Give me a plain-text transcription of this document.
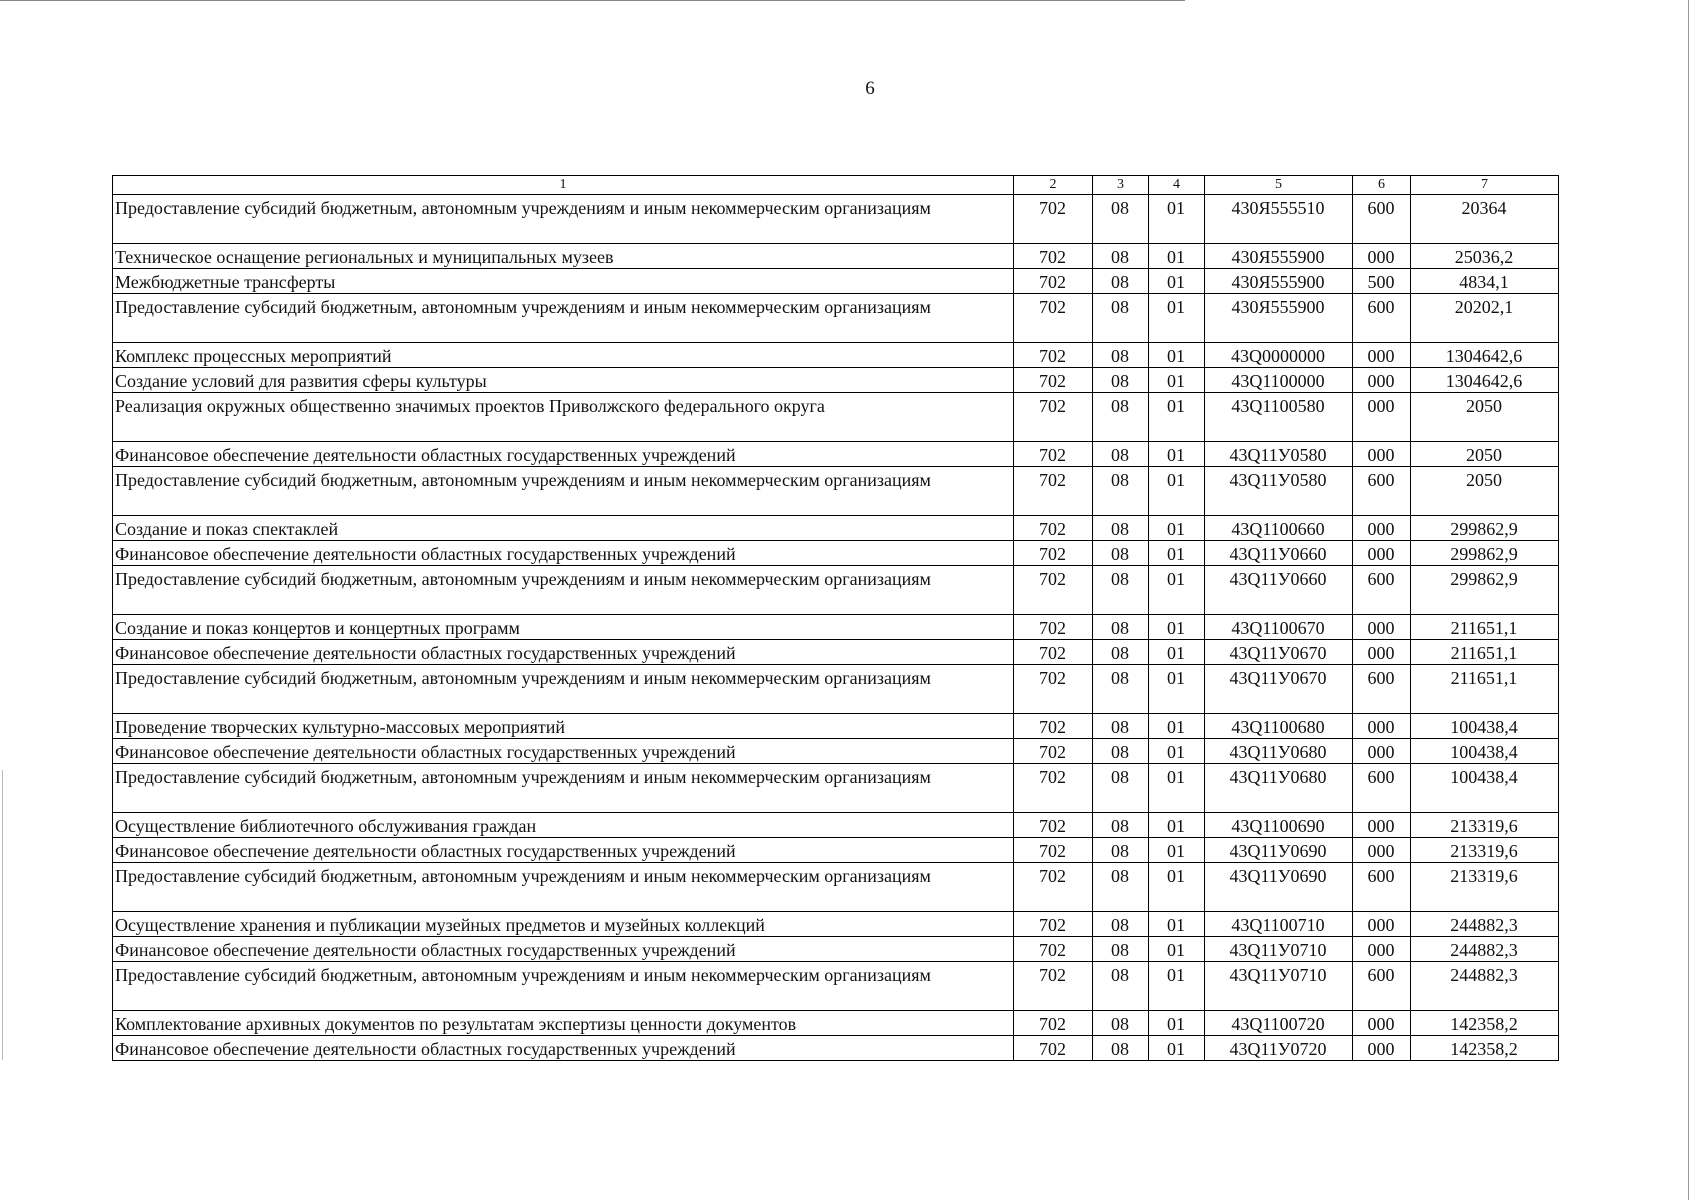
6
1	2	3	4	5	6	7
Предоставление субсидий бюджетным, автономным учреждениям и иным некоммерческим организациям	702	08	01	430Я555510	600	20364
Техническое оснащение региональных и муниципальных музеев	702	08	01	430Я555900	000	25036,2
Межбюджетные трансферты	702	08	01	430Я555900	500	4834,1
Предоставление субсидий бюджетным, автономным учреждениям и иным некоммерческим организациям	702	08	01	430Я555900	600	20202,1
Комплекс процессных мероприятий	702	08	01	43Q0000000	000	1304642,6
Создание условий для развития сферы культуры	702	08	01	43Q1100000	000	1304642,6
Реализация окружных общественно значимых проектов Приволжского федерального округа	702	08	01	43Q1100580	000	2050
Финансовое обеспечение деятельности областных государственных учреждений	702	08	01	43Q11У0580	000	2050
Предоставление субсидий бюджетным, автономным учреждениям и иным некоммерческим организациям	702	08	01	43Q11У0580	600	2050
Создание и показ спектаклей	702	08	01	43Q1100660	000	299862,9
Финансовое обеспечение деятельности областных государственных учреждений	702	08	01	43Q11У0660	000	299862,9
Предоставление субсидий бюджетным, автономным учреждениям и иным некоммерческим организациям	702	08	01	43Q11У0660	600	299862,9
Создание и показ концертов и концертных программ	702	08	01	43Q1100670	000	211651,1
Финансовое обеспечение деятельности областных государственных учреждений	702	08	01	43Q11У0670	000	211651,1
Предоставление субсидий бюджетным, автономным учреждениям и иным некоммерческим организациям	702	08	01	43Q11У0670	600	211651,1
Проведение творческих культурно-массовых мероприятий	702	08	01	43Q1100680	000	100438,4
Финансовое обеспечение деятельности областных государственных учреждений	702	08	01	43Q11У0680	000	100438,4
Предоставление субсидий бюджетным, автономным учреждениям и иным некоммерческим организациям	702	08	01	43Q11У0680	600	100438,4
Осуществление библиотечного обслуживания граждан	702	08	01	43Q1100690	000	213319,6
Финансовое обеспечение деятельности областных государственных учреждений	702	08	01	43Q11У0690	000	213319,6
Предоставление субсидий бюджетным, автономным учреждениям и иным некоммерческим организациям	702	08	01	43Q11У0690	600	213319,6
Осуществление хранения и публикации музейных предметов и музейных коллекций	702	08	01	43Q1100710	000	244882,3
Финансовое обеспечение деятельности областных государственных учреждений	702	08	01	43Q11У0710	000	244882,3
Предоставление субсидий бюджетным, автономным учреждениям и иным некоммерческим организациям	702	08	01	43Q11У0710	600	244882,3
Комплектование архивных документов по результатам экспертизы ценности документов	702	08	01	43Q1100720	000	142358,2
Финансовое обеспечение деятельности областных государственных учреждений	702	08	01	43Q11У0720	000	142358,2
